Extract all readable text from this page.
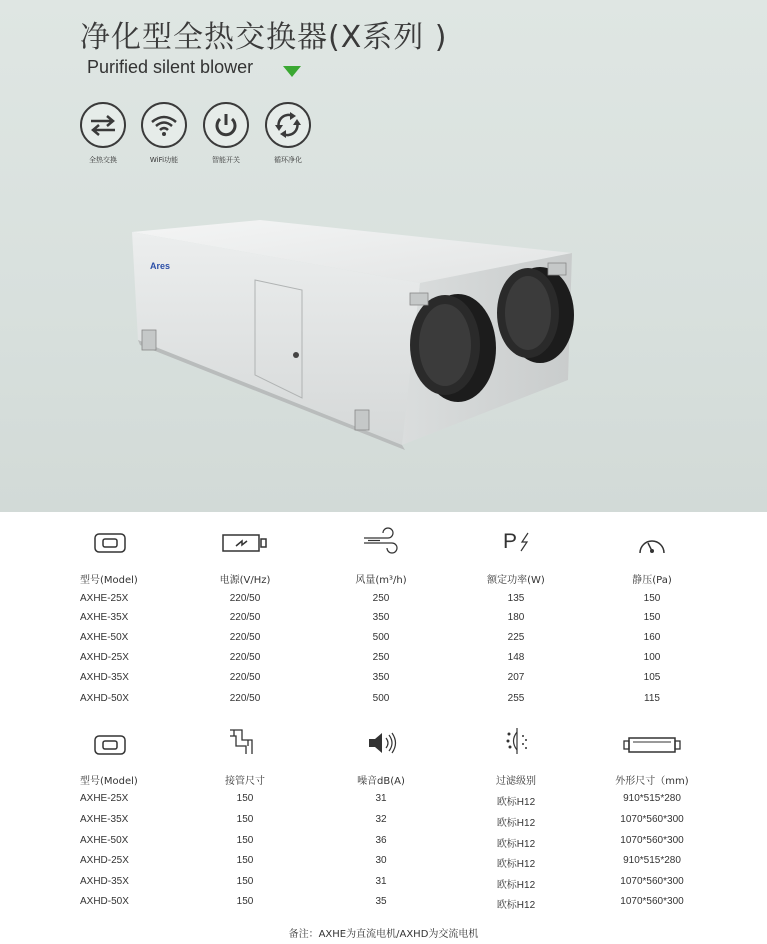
净化型全热交换器(X系列 )
Purified silent blower
全热交换	WiFi功能	智能开关	循环净化
Ares
P
型号(Model)	电源(V/Hz)	风量(m³/h)	额定功率(W)	静压(Pa)
AXHE-25X	220/50	250	135	150
AXHE-35X	220/50	350	180	150
AXHE-50X	220/50	500	225	160
AXHD-25X	220/50	250	148	100
AXHD-35X	220/50	350	207	105
AXHD-50X	220/50	500	255	115
型号(Model)	接管尺寸	噪音dB(A)	过滤级别	外形尺寸（mm)
AXHE-25X	150	31	欧标H12	910*515*280
AXHE-35X	150	32	欧标H12	1070*560*300
AXHE-50X	150	36	欧标H12	1070*560*300
AXHD-25X	150	30	欧标H12	910*515*280
AXHD-35X	150	31	欧标H12	1070*560*300
AXHD-50X	150	35	欧标H12	1070*560*300
备注：AXHE为直流电机/AXHD为交流电机
